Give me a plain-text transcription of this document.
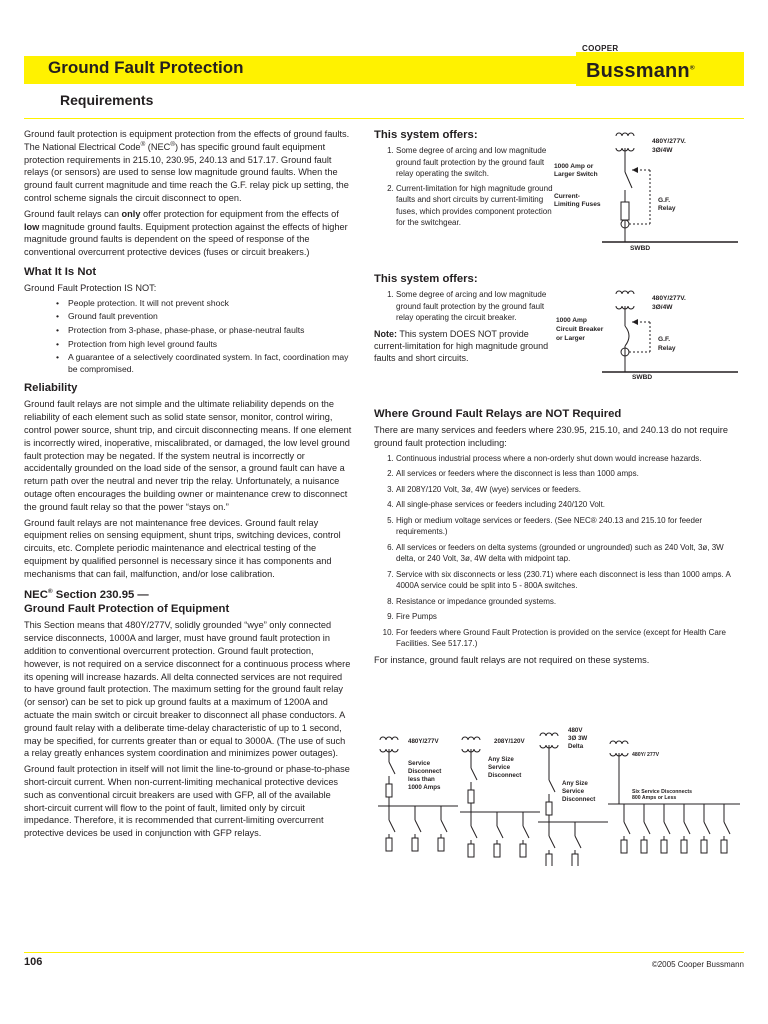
Ground Fault Protection
Requirements
COOPER
Bussmann®

Ground fault protection is equipment protection from the effects of ground faults. The National Electrical Code® (NEC®) has specific ground fault equipment protection requirements in 215.10, 230.95, 240.13 and 517.17. Ground fault relays (or sensors) are used to sense low magnitude ground faults. When the ground fault current magnitude and time reach the G.F. relay pick up setting, the control scheme signals the circuit disconnect to open.

Ground fault relays can only offer protection for equipment from the effects of low magnitude ground faults. Equipment protection against the effects of higher magnitude ground faults is dependent on the speed of response of the conventional overcurrent protective devices (fuses or circuit breakers.)

What It Is Not

Ground Fault Protection IS NOT:

• People protection. It will not prevent shock
• Ground fault prevention
• Protection from 3-phase, phase-phase, or phase-neutral faults
• Protection from high level ground faults
• A guarantee of a selectively coordinated system. In fact, coordination may be compromised.
Reliability

Ground fault relays are not simple and the ultimate reliability depends on the reliability of each element such as solid state sensor, monitor, control wiring, control power source, shunt trip, and circuit disconnecting means. If one element is incorrectly wired, inoperative, miscalibrated, or damaged, the low level ground fault protection may be negated. If the system neutral is incorrectly or accidentally grounded on the load side of the sensor, a ground fault can have a return path over the neutral and never trip the relay. Unfortunately, a nuisance outage often encourages the building owner or maintenance crew to disconnect the ground fault relay so that the power “stays on.”

Ground fault relays are not maintenance free devices. Ground fault relay equipment relies on sensing equipment, shunt trips, switching devices, control circuits, etc. Complete periodic maintenance and electrical testing of the equipment by qualified personnel is necessary since it has components and mechanisms that can fail, malfunction, and/or lose calibration.

NEC® Section 230.95 —
Ground Fault Protection of Equipment

This Section means that 480Y/277V, solidly grounded “wye” only connected service disconnects, 1000A and larger, must have ground fault protection in addition to conventional overcurrent protection. Ground fault protection, however, is not required on a service disconnect for a continuous process where its opening will increase hazards. All delta connected services are not required to have ground fault protection. The maximum setting for the ground fault relay (or sensor) can be set to pick up ground faults at a maximum of 1200A and actuate the main switch or circuit breaker to disconnect all phase conductors. A ground fault relay with a deliberate time-delay characteristic of up to 1 second, may be specified, for currents greater than or equal to 3000A. (The use of such a relay greatly enhances system coordination and minimizes power outages).

Ground fault protection in itself will not limit the line-to-ground or phase-to-phase short-circuit current. When non-current-limiting mechanical protective devices such as conventional circuit breakers are used with GFP, all of the available short-circuit current will flow to the point of fault, limited only by circuit impedance. Therefore, it is recommended that current-limiting overcurrent protective devices be used in conjunction with GFP relays.

This system offers:
1. Some degree of arcing and low magnitude ground fault protection by the ground fault relay operating the switch.
2. Current-limitation for high magnitude ground faults and short circuits by current-limiting fuses, which provides component protection for the switchgear.
This system offers:
1. Some degree of arcing and low magnitude ground fault protection by the ground fault relay operating the circuit breaker.

Note: This system DOES NOT provide current-limitation for high magnitude ground faults and short circuits.

Where Ground Fault Relays are NOT Required

There are many services and feeders where 230.95, 215.10, and 240.13 do not require ground fault protection including:

1. Continuous industrial process where a non-orderly shut down would increase hazards.
2. All services or feeders where the disconnect is less than 1000 amps.
3. All 208Y/120 Volt, 3ø, 4W (wye) services or feeders.
4. All single-phase services or feeders including 240/120 Volt.
5. High or medium voltage services or feeders. (See NEC® 240.13 and 215.10 for feeder requirements.)
6. All services or feeders on delta systems (grounded or ungrounded) such as 240 Volt, 3ø, 3W delta, or 240 Volt, 3ø, 4W delta with midpoint tap.
7. Service with six disconnects or less (230.71) where each disconnect is less than 1000 amps. A 4000A service could be split into 5 - 800A switches.
8. Resistance or impedance grounded systems.
9. Fire Pumps
10. For feeders where Ground Fault Protection is provided on the service (except for Health Care Facilities. See 517.17.)

For instance, ground fault relays are not required on these systems.

480Y/277V.
3Ø/4W
1000 Amp or
Larger Switch
Current-
Limiting Fuses
G.F.
Relay
SWBD
480Y/277V.
3Ø/4W
1000 Amp
Circuit Breaker
or Larger	G.F.
Relay
SWBD
480Y/277V
Service
Disconnect
less than
1000 Amps
208Y/120V
Any Size
Service
Disconnect
480V
3Ø 3W
Delta
Any Size
Service
Disconnect
480Y/ 277V
Six Service Disconnects
800 Amps or Less
106	©2005 Cooper Bussmann
